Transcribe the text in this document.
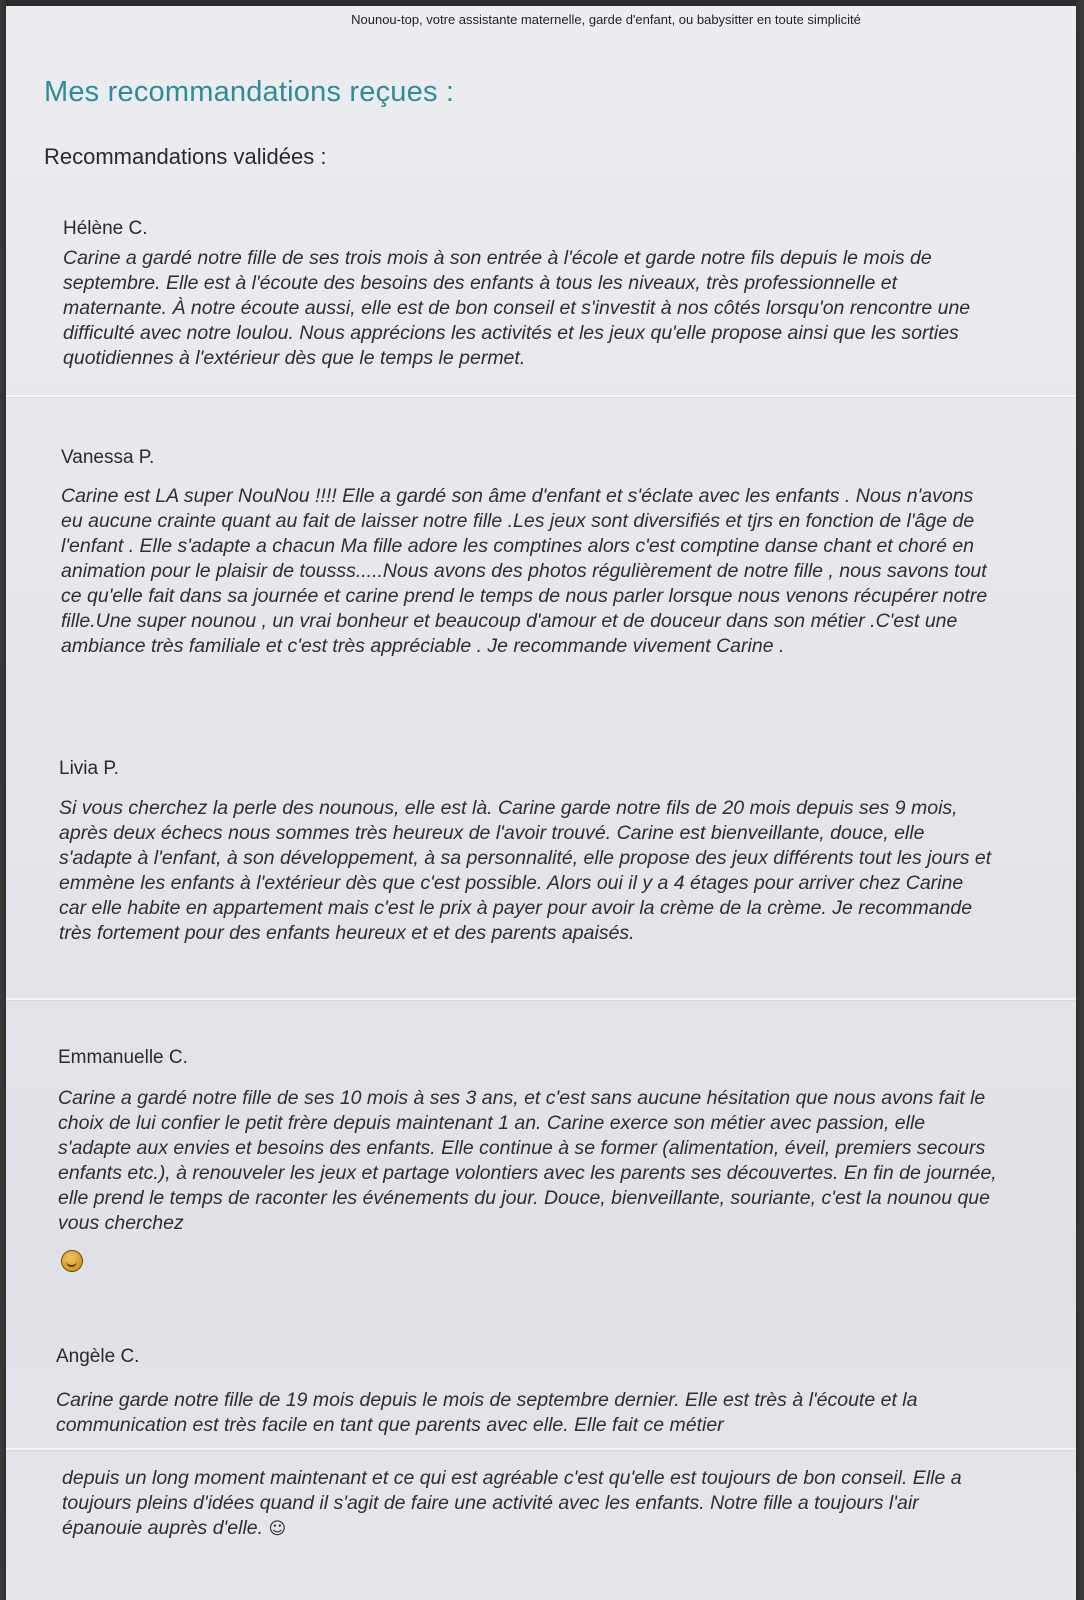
Nounou-top, votre assistante maternelle, garde d'enfant, ou babysitter en toute simplicité
Mes recommandations reçues :
Recommandations validées :
Hélène C.

Carine a gardé notre fille de ses trois mois à son entrée à l'école et garde notre fils depuis le mois de septembre. Elle est à l'écoute des besoins des enfants à tous les niveaux, très professionnelle et maternante. À notre écoute aussi, elle est de bon conseil et s'investit à nos côtés lorsqu'on rencontre une difficulté avec notre loulou. Nous apprécions les activités et les jeux qu'elle propose ainsi que les sorties quotidiennes à l'extérieur dès que le temps le permet.

Vanessa P.

Carine est LA super NouNou !!!! Elle a gardé son âme d'enfant et s'éclate avec les enfants . Nous n'avons eu aucune crainte quant au fait de laisser notre fille .Les jeux sont diversifiés et tjrs en fonction de l'âge de l'enfant . Elle s'adapte a chacun Ma fille adore les comptines alors c'est comptine danse chant et choré en animation pour le plaisir de tousss.....Nous avons des photos régulièrement de notre fille , nous savons tout ce qu'elle fait dans sa journée et carine prend le temps de nous parler lorsque nous venons récupérer notre fille.Une super nounou , un vrai bonheur et beaucoup d'amour et de douceur dans son métier .C'est une ambiance très familiale et c'est très appréciable . Je recommande vivement Carine .

Livia P.

Si vous cherchez la perle des nounous, elle est là. Carine garde notre fils de 20 mois depuis ses 9 mois, après deux échecs nous sommes très heureux de l'avoir trouvé. Carine est bienveillante, douce, elle s'adapte à l'enfant, à son développement, à sa personnalité, elle propose des jeux différents tout les jours et emmène les enfants à l'extérieur dès que c'est possible. Alors oui il y a 4 étages pour arriver chez Carine car elle habite en appartement mais c'est le prix à payer pour avoir la crème de la crème. Je recommande très fortement pour des enfants heureux et et des parents apaisés.

Emmanuelle C.

Carine a gardé notre fille de ses 10 mois à ses 3 ans, et c'est sans aucune hésitation que nous avons fait le choix de lui confier le petit frère depuis maintenant 1 an. Carine exerce son métier avec passion, elle s'adapte aux envies et besoins des enfants. Elle continue à se former (alimentation, éveil, premiers secours enfants etc.), à renouveler les jeux et partage volontiers avec les parents ses découvertes. En fin de journée, elle prend le temps de raconter les événements du jour. Douce, bienveillante, souriante, c'est la nounou que vous cherchez

Angèle C.

Carine garde notre fille de 19 mois depuis le mois de septembre dernier. Elle est très à l'écoute et la communication est très facile en tant que parents avec elle. Elle fait ce métier

depuis un long moment maintenant et ce qui est agréable c'est qu'elle est toujours de bon conseil. Elle a toujours pleins d'idées quand il s'agit de faire une activité avec les enfants. Notre fille a toujours l'air épanouie auprès d'elle. ☺
